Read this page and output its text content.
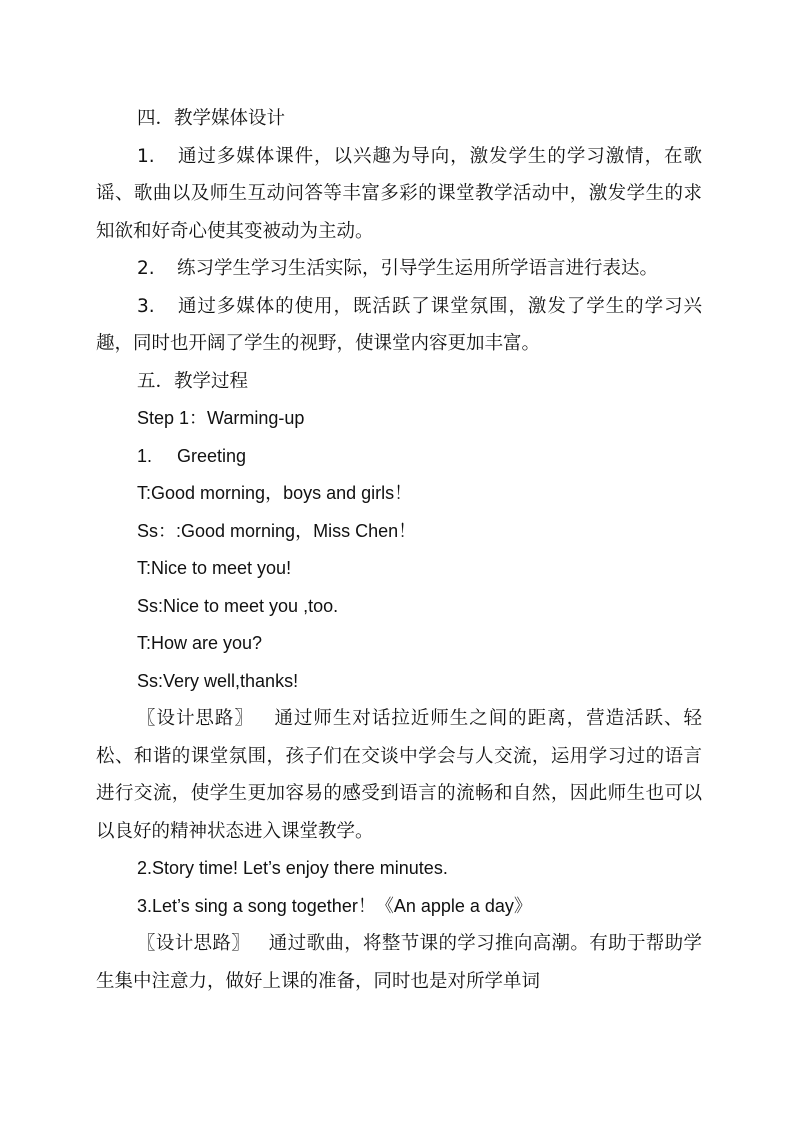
四．教学媒体设计

1. 通过多媒体课件，以兴趣为导向，激发学生的学习激情，在歌谣、歌曲以及师生互动问答等丰富多彩的课堂教学活动中，激发学生的求知欲和好奇心使其变被动为主动。

2. 练习学生学习生活实际，引导学生运用所学语言进行表达。

3. 通过多媒体的使用，既活跃了课堂氛围，激发了学生的学习兴趣，同时也开阔了学生的视野，使课堂内容更加丰富。

五．教学过程

Step 1：Warming-up

1. Greeting

T:Good morning，boys and girls！

Ss：:Good morning，Miss Chen！

T:Nice to meet you!

Ss:Nice to meet you ,too.

T:How are you?

Ss:Very well,thanks!

〖设计思路〗   通过师生对话拉近师生之间的距离，营造活跃、轻松、和谐的课堂氛围，孩子们在交谈中学会与人交流，运用学习过的语言进行交流，使学生更加容易的感受到语言的流畅和自然，因此师生也可以以良好的精神状态进入课堂教学。

2.Story time! Let’s enjoy there minutes.

3.Let’s sing a song together！《An apple a day》

〖设计思路〗   通过歌曲，将整节课的学习推向高潮。有助于帮助学生集中注意力，做好上课的准备，同时也是对所学单词
